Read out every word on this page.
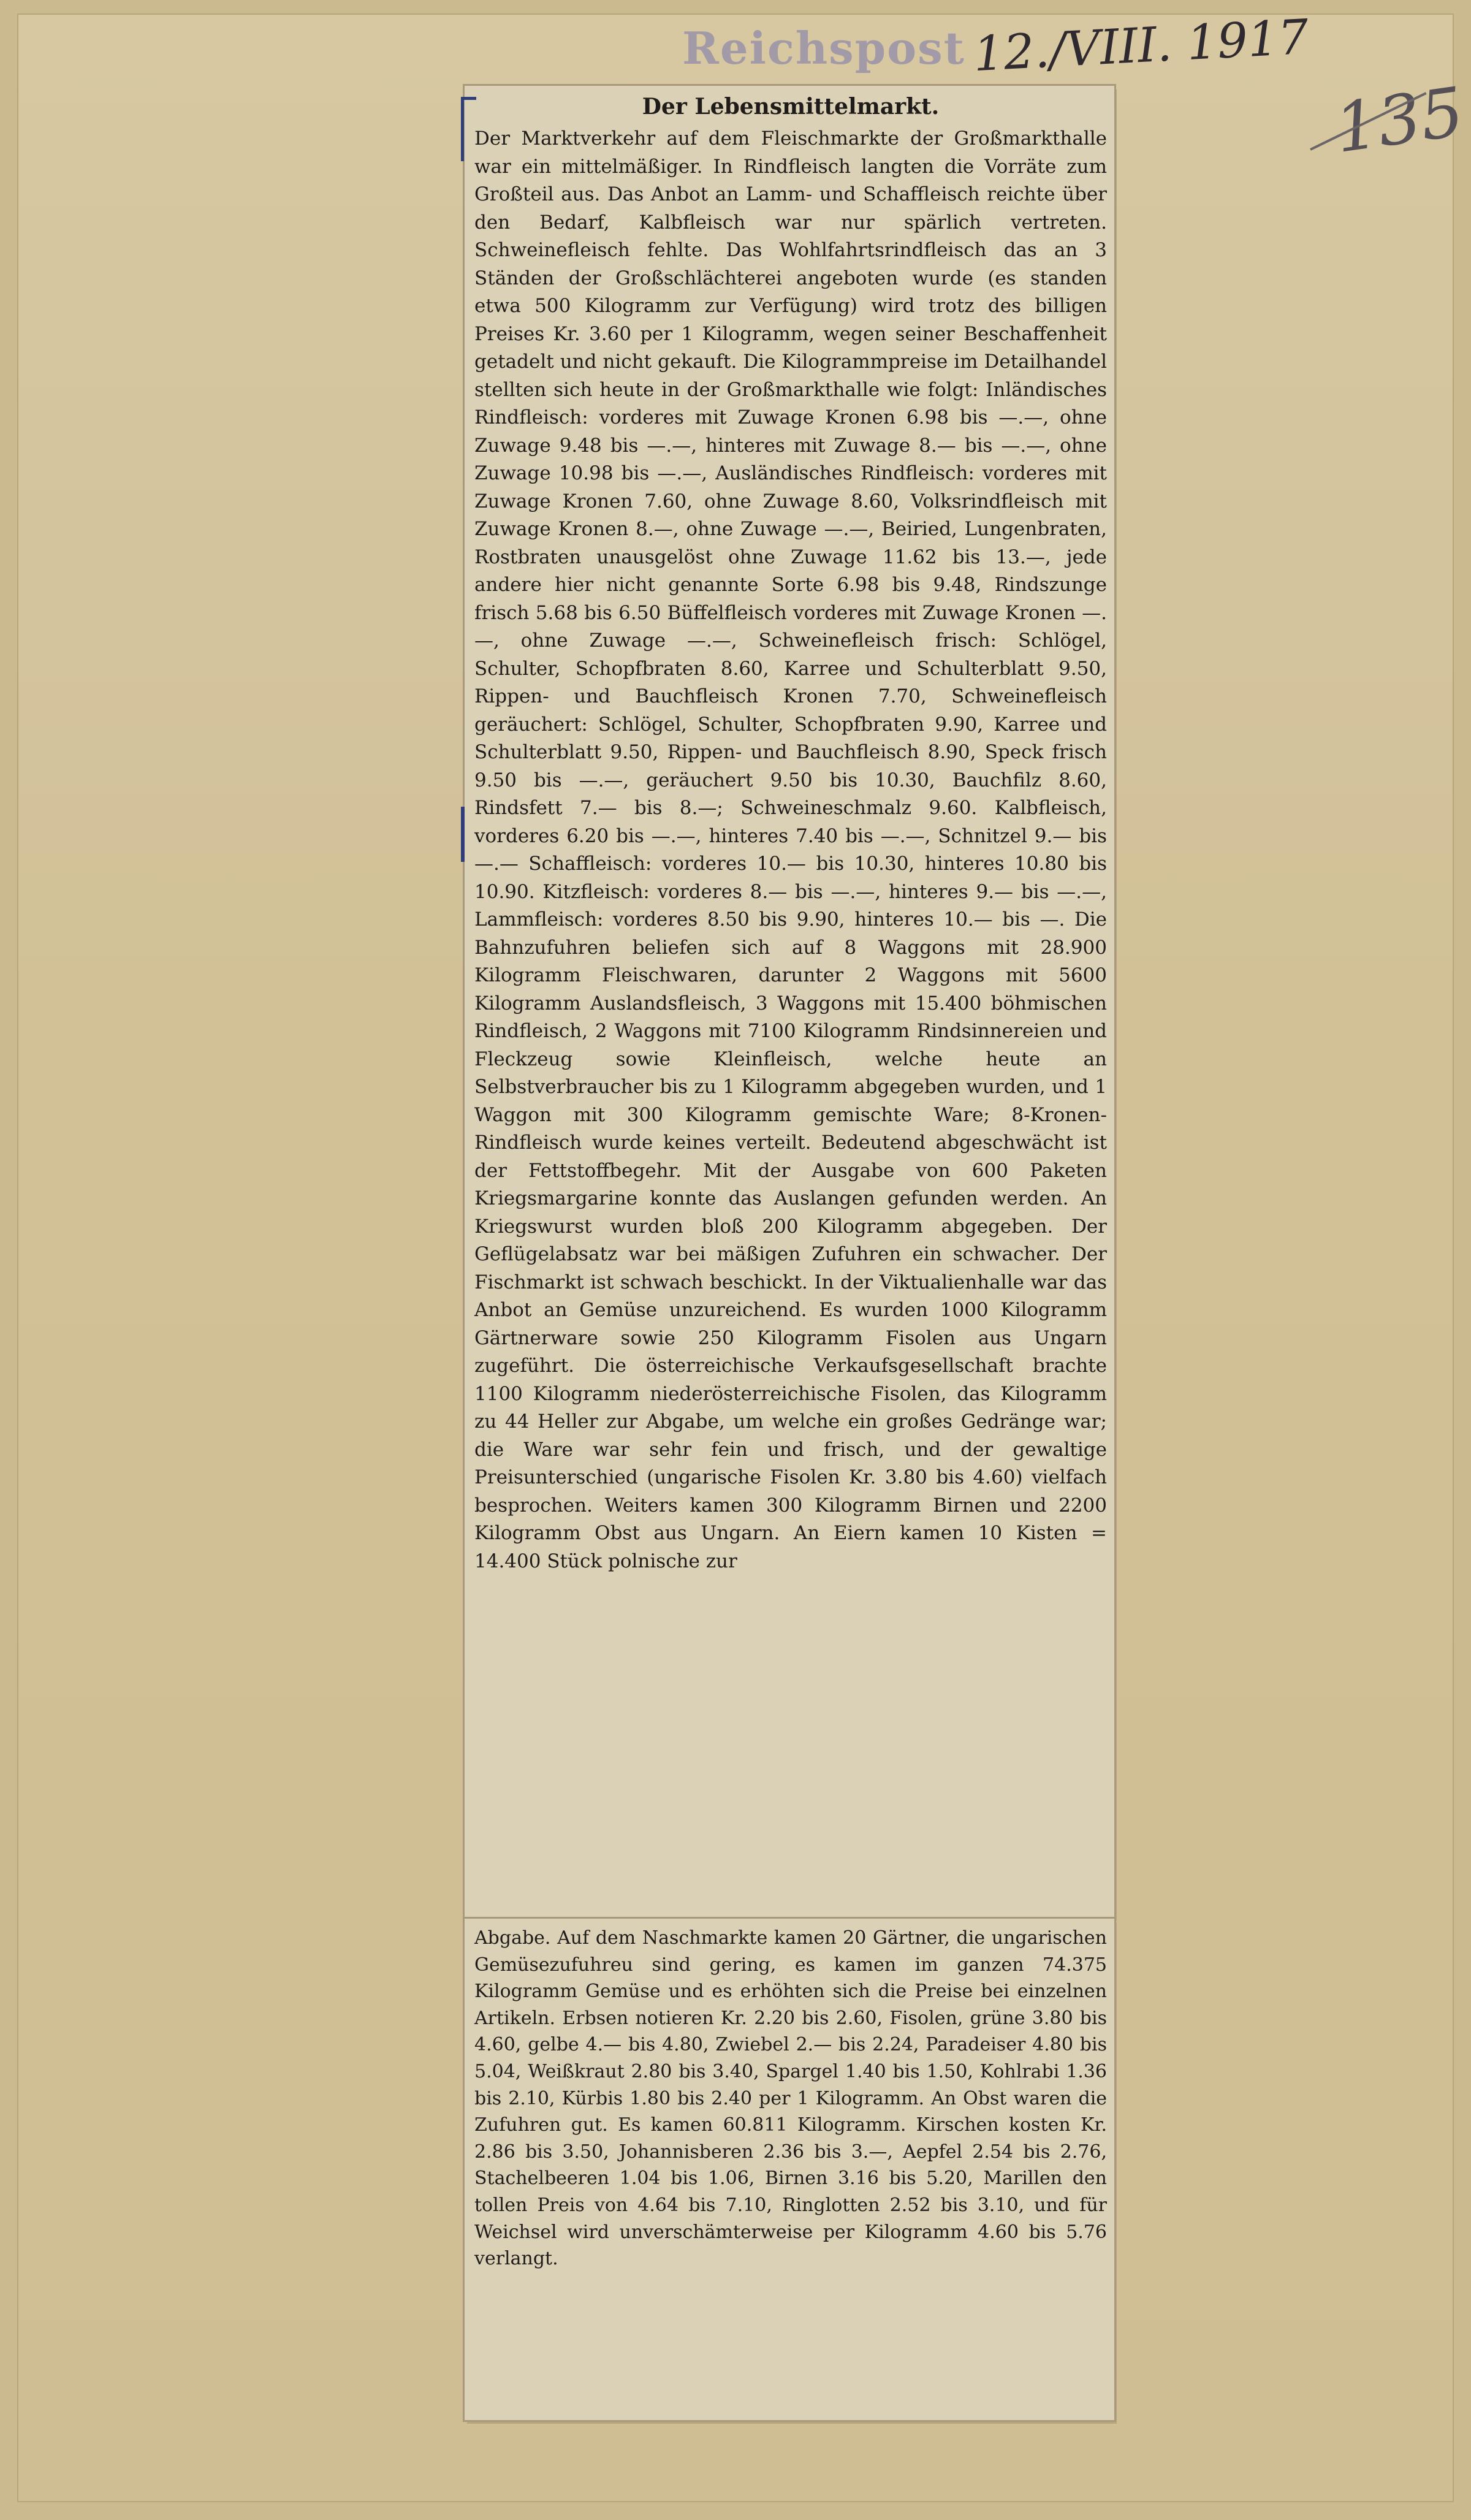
Reichspost 12./VIII. 1917
135
Der Lebensmittelmarkt.

Der Marktverkehr auf dem Fleischmarkte der Großmarkthalle war ein mittelmäßiger. In Rindfleisch langten die Vorräte zum Großteil aus. Das Anbot an Lamm- und Schaffleisch reichte über den Bedarf, Kalbfleisch war nur spärlich vertreten. Schweinefleisch fehlte. Das Wohlfahrtsrindfleisch das an 3 Ständen der Großschlächterei angeboten wurde (es standen etwa 500 Kilogramm zur Verfügung) wird trotz des billigen Preises Kr. 3.60 per 1 Kilogramm, wegen seiner Beschaffenheit getadelt und nicht gekauft. Die Kilogrammpreise im Detailhandel stellten sich heute in der Großmarkthalle wie folgt: Inländisches Rindfleisch: vorderes mit Zuwage Kronen 6.98 bis —.—, ohne Zuwage 9.48 bis —.—, hinteres mit Zuwage 8.— bis —.—, ohne Zuwage 10.98 bis —.—, Ausländisches Rindfleisch: vorderes mit Zuwage Kronen 7.60, ohne Zuwage 8.60, Volksrindfleisch mit Zuwage Kronen 8.—, ohne Zuwage —.—, Beiried, Lungenbraten, Rostbraten unausgelöst ohne Zuwage 11.62 bis 13.—, jede andere hier nicht genannte Sorte 6.98 bis 9.48, Rindszunge frisch 5.68 bis 6.50 Büffelfleisch vorderes mit Zuwage Kronen —.—, ohne Zuwage —.—, Schweinefleisch frisch: Schlögel, Schulter, Schopfbraten 8.60, Karree und Schulterblatt 9.50, Rippen- und Bauchfleisch Kronen 7.70, Schweinefleisch geräuchert: Schlögel, Schulter, Schopfbraten 9.90, Karree und Schulterblatt 9.50, Rippen- und Bauchfleisch 8.90, Speck frisch 9.50 bis —.—, geräuchert 9.50 bis 10.30, Bauchfilz 8.60, Rindsfett 7.— bis 8.—; Schweineschmalz 9.60. Kalbfleisch, vorderes 6.20 bis —.—, hinteres 7.40 bis —.—, Schnitzel 9.— bis —.— Schaffleisch: vorderes 10.— bis 10.30, hinteres 10.80 bis 10.90. Kitzfleisch: vorderes 8.— bis —.—, hinteres 9.— bis —.—, Lammfleisch: vorderes 8.50 bis 9.90, hinteres 10.— bis —. Die Bahnzufuhren beliefen sich auf 8 Waggons mit 28.900 Kilogramm Fleischwaren, darunter 2 Waggons mit 5600 Kilogramm Auslandsfleisch, 3 Waggons mit 15.400 böhmischen Rindfleisch, 2 Waggons mit 7100 Kilogramm Rindsinnereien und Fleckzeug sowie Kleinfleisch, welche heute an Selbstverbraucher bis zu 1 Kilogramm abgegeben wurden, und 1 Waggon mit 300 Kilogramm gemischte Ware; 8-Kronen-Rindfleisch wurde keines verteilt. Bedeutend abgeschwächt ist der Fettstoffbegehr. Mit der Ausgabe von 600 Paketen Kriegsmargarine konnte das Auslangen gefunden werden. An Kriegswurst wurden bloß 200 Kilogramm abgegeben. Der Geflügelabsatz war bei mäßigen Zufuhren ein schwacher. Der Fischmarkt ist schwach beschickt. In der Viktualienhalle war das Anbot an Gemüse unzureichend. Es wurden 1000 Kilogramm Gärtnerware sowie 250 Kilogramm Fisolen aus Ungarn zugeführt. Die österreichische Verkaufsgesellschaft brachte 1100 Kilogramm niederösterreichische Fisolen, das Kilogramm zu 44 Heller zur Abgabe, um welche ein großes Gedränge war; die Ware war sehr fein und frisch, und der gewaltige Preisunterschied (ungarische Fisolen Kr. 3.80 bis 4.60) vielfach besprochen. Weiters kamen 300 Kilogramm Birnen und 2200 Kilogramm Obst aus Ungarn. An Eiern kamen 10 Kisten = 14.400 Stück polnische zur

Abgabe. Auf dem Naschmarkte kamen 20 Gärtner, die ungarischen Gemüsezufuhreu sind gering, es kamen im ganzen 74.375 Kilogramm Gemüse und es erhöhten sich die Preise bei einzelnen Artikeln. Erbsen notieren Kr. 2.20 bis 2.60, Fisolen, grüne 3.80 bis 4.60, gelbe 4.— bis 4.80, Zwiebel 2.— bis 2.24, Paradeiser 4.80 bis 5.04, Weißkraut 2.80 bis 3.40, Spargel 1.40 bis 1.50, Kohlrabi 1.36 bis 2.10, Kürbis 1.80 bis 2.40 per 1 Kilogramm. An Obst waren die Zufuhren gut. Es kamen 60.811 Kilogramm. Kirschen kosten Kr. 2.86 bis 3.50, Johannisberen 2.36 bis 3.—, Aepfel 2.54 bis 2.76, Stachelbeeren 1.04 bis 1.06, Birnen 3.16 bis 5.20, Marillen den tollen Preis von 4.64 bis 7.10, Ringlotten 2.52 bis 3.10, und für Weichsel wird unverschämterweise per Kilogramm 4.60 bis 5.76 verlangt.
